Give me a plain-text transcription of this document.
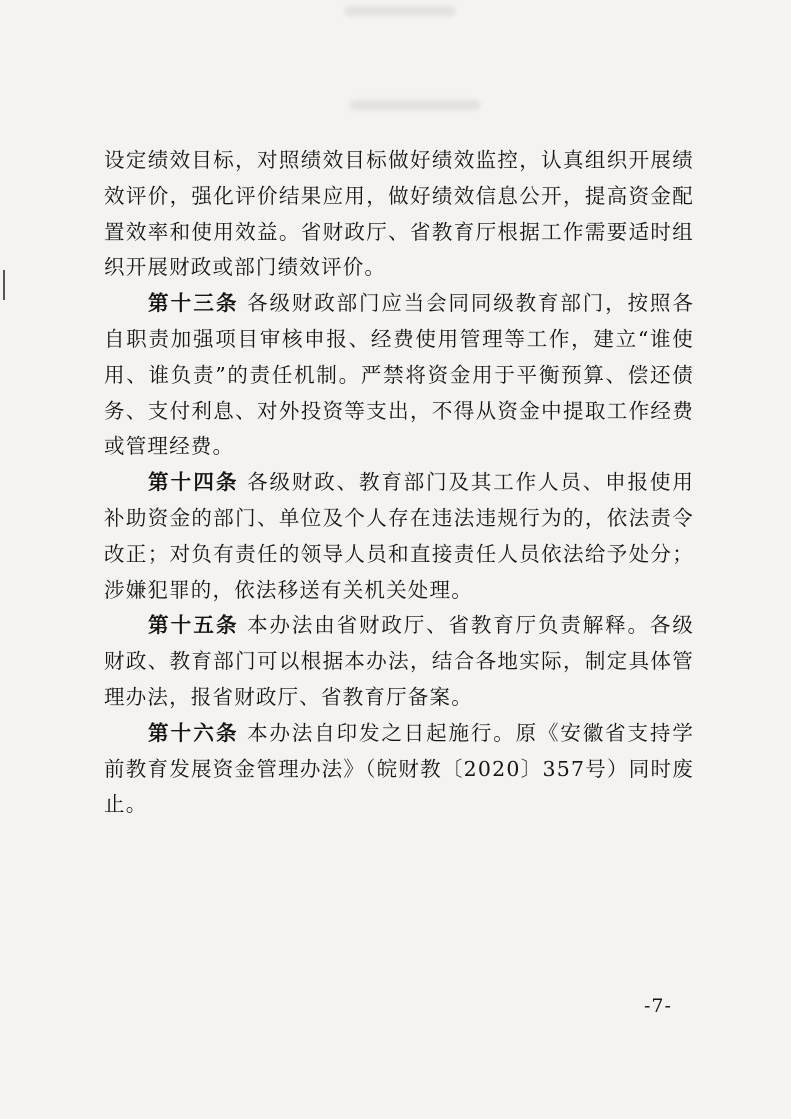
设定绩效目标，对照绩效目标做好绩效监控，认真组织开展绩效评价，强化评价结果应用，做好绩效信息公开，提高资金配置效率和使用效益。省财政厅、省教育厅根据工作需要适时组织开展财政或部门绩效评价。

第十三条 各级财政部门应当会同同级教育部门，按照各自职责加强项目审核申报、经费使用管理等工作，建立“谁使用、谁负责”的责任机制。严禁将资金用于平衡预算、偿还债务、支付利息、对外投资等支出，不得从资金中提取工作经费或管理经费。

第十四条 各级财政、教育部门及其工作人员、申报使用补助资金的部门、单位及个人存在违法违规行为的，依法责令改正；对负有责任的领导人员和直接责任人员依法给予处分；涉嫌犯罪的，依法移送有关机关处理。

第十五条 本办法由省财政厅、省教育厅负责解释。各级财政、教育部门可以根据本办法，结合各地实际，制定具体管理办法，报省财政厅、省教育厅备案。

第十六条 本办法自印发之日起施行。原《安徽省支持学前教育发展资金管理办法》（皖财教〔2020〕357号）同时废止。

-7-
